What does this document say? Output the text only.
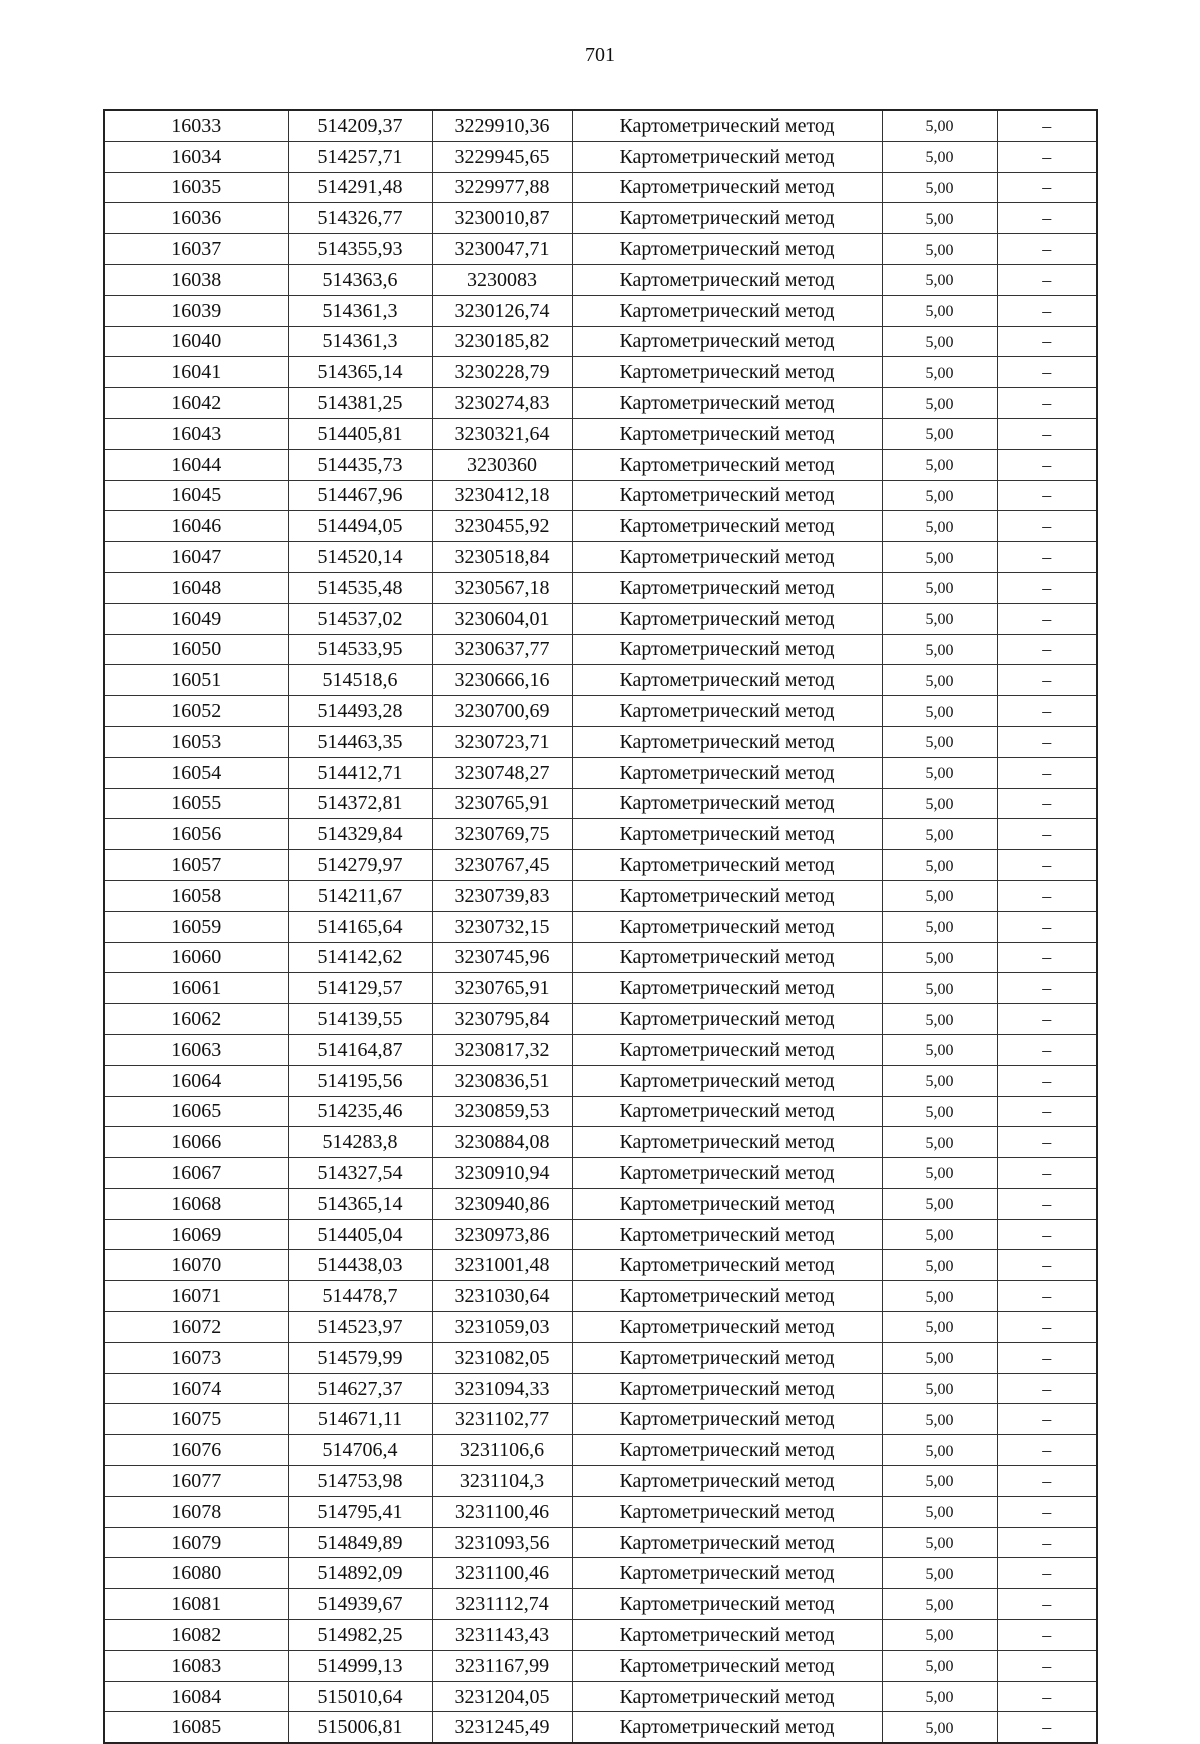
701
16033	514209,37	3229910,36	Картометрический метод	5,00	–
16034	514257,71	3229945,65	Картометрический метод	5,00	–
16035	514291,48	3229977,88	Картометрический метод	5,00	–
16036	514326,77	3230010,87	Картометрический метод	5,00	–
16037	514355,93	3230047,71	Картометрический метод	5,00	–
16038	514363,6	3230083	Картометрический метод	5,00	–
16039	514361,3	3230126,74	Картометрический метод	5,00	–
16040	514361,3	3230185,82	Картометрический метод	5,00	–
16041	514365,14	3230228,79	Картометрический метод	5,00	–
16042	514381,25	3230274,83	Картометрический метод	5,00	–
16043	514405,81	3230321,64	Картометрический метод	5,00	–
16044	514435,73	3230360	Картометрический метод	5,00	–
16045	514467,96	3230412,18	Картометрический метод	5,00	–
16046	514494,05	3230455,92	Картометрический метод	5,00	–
16047	514520,14	3230518,84	Картометрический метод	5,00	–
16048	514535,48	3230567,18	Картометрический метод	5,00	–
16049	514537,02	3230604,01	Картометрический метод	5,00	–
16050	514533,95	3230637,77	Картометрический метод	5,00	–
16051	514518,6	3230666,16	Картометрический метод	5,00	–
16052	514493,28	3230700,69	Картометрический метод	5,00	–
16053	514463,35	3230723,71	Картометрический метод	5,00	–
16054	514412,71	3230748,27	Картометрический метод	5,00	–
16055	514372,81	3230765,91	Картометрический метод	5,00	–
16056	514329,84	3230769,75	Картометрический метод	5,00	–
16057	514279,97	3230767,45	Картометрический метод	5,00	–
16058	514211,67	3230739,83	Картометрический метод	5,00	–
16059	514165,64	3230732,15	Картометрический метод	5,00	–
16060	514142,62	3230745,96	Картометрический метод	5,00	–
16061	514129,57	3230765,91	Картометрический метод	5,00	–
16062	514139,55	3230795,84	Картометрический метод	5,00	–
16063	514164,87	3230817,32	Картометрический метод	5,00	–
16064	514195,56	3230836,51	Картометрический метод	5,00	–
16065	514235,46	3230859,53	Картометрический метод	5,00	–
16066	514283,8	3230884,08	Картометрический метод	5,00	–
16067	514327,54	3230910,94	Картометрический метод	5,00	–
16068	514365,14	3230940,86	Картометрический метод	5,00	–
16069	514405,04	3230973,86	Картометрический метод	5,00	–
16070	514438,03	3231001,48	Картометрический метод	5,00	–
16071	514478,7	3231030,64	Картометрический метод	5,00	–
16072	514523,97	3231059,03	Картометрический метод	5,00	–
16073	514579,99	3231082,05	Картометрический метод	5,00	–
16074	514627,37	3231094,33	Картометрический метод	5,00	–
16075	514671,11	3231102,77	Картометрический метод	5,00	–
16076	514706,4	3231106,6	Картометрический метод	5,00	–
16077	514753,98	3231104,3	Картометрический метод	5,00	–
16078	514795,41	3231100,46	Картометрический метод	5,00	–
16079	514849,89	3231093,56	Картометрический метод	5,00	–
16080	514892,09	3231100,46	Картометрический метод	5,00	–
16081	514939,67	3231112,74	Картометрический метод	5,00	–
16082	514982,25	3231143,43	Картометрический метод	5,00	–
16083	514999,13	3231167,99	Картометрический метод	5,00	–
16084	515010,64	3231204,05	Картометрический метод	5,00	–
16085	515006,81	3231245,49	Картометрический метод	5,00	–
